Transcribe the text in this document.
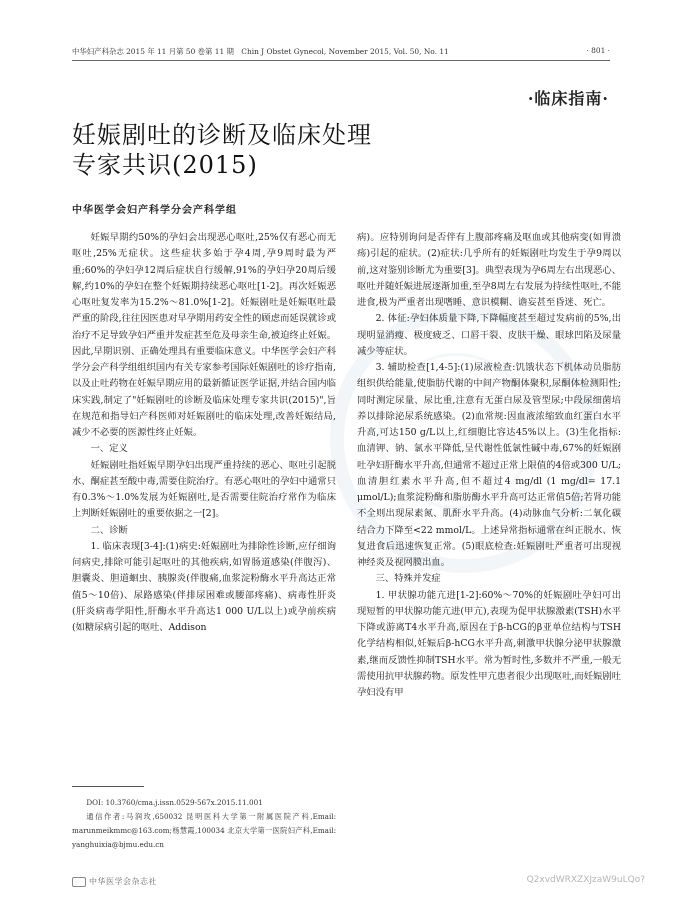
中华妇产科杂志 2015 年 11 月第 50 卷第 11 期　Chin J Obstet Gynecol, November 2015, Vol. 50, No. 11	· 801 ·
·临床指南·
妊娠剧吐的诊断及临床处理
专家共识(2015)
中华医学会妇产科学分会产科学组

妊娠早期约50%的孕妇会出现恶心呕吐,25%仅有恶心而无呕吐,25%无症状。这些症状多始于孕4周,孕9周时最为严重;60%的孕妇孕12周后症状自行缓解,91%的孕妇孕20周后缓解,约10%的孕妇在整个妊娠期持续恶心呕吐[1-2]。再次妊娠恶心呕吐复发率为15.2%～81.0%[1-2]。妊娠剧吐是妊娠呕吐最严重的阶段,往往因医患对早孕期用药安全性的顾虑而延误就诊或治疗不足导致孕妇严重并发症甚至危及母亲生命,被迫终止妊娠。因此,早期识别、正确处理具有重要临床意义。中华医学会妇产科学分会产科学组组织国内有关专家参考国际妊娠剧吐的诊疗指南,以及止吐药物在妊娠早期应用的最新循证医学证据,并结合国内临床实践,制定了"妊娠剧吐的诊断及临床处理专家共识(2015)",旨在规范和指导妇产科医师对妊娠剧吐的临床处理,改善妊娠结局,减少不必要的医源性终止妊娠。

一、定义

妊娠剧吐指妊娠早期孕妇出现严重持续的恶心、呕吐引起脱水、酮症甚至酸中毒,需要住院治疗。有恶心呕吐的孕妇中通常只有0.3%～1.0%发展为妊娠剧吐,是否需要住院治疗常作为临床上判断妊娠剧吐的重要依据之一[2]。

二、诊断

1. 临床表现[3-4]:(1)病史:妊娠剧吐为排除性诊断,应仔细询问病史,排除可能引起呕吐的其他疾病,如胃肠道感染(伴腹泻)、胆囊炎、胆道蛔虫、胰腺炎(伴腹痛,血浆淀粉酶水平升高达正常值5～10倍)、尿路感染(伴排尿困难或腰部疼痛)、病毒性肝炎(肝炎病毒学阳性,肝酶水平升高达1 000 U/L以上)或孕前疾病(如糖尿病引起的呕吐、Addison

病)。应特别询问是否伴有上腹部疼痛及呕血或其他病变(如胃溃疡)引起的症状。(2)症状:几乎所有的妊娠剧吐均发生于孕9周以前,这对鉴别诊断尤为重要[3]。典型表现为孕6周左右出现恶心、呕吐并随妊娠进展逐渐加重,至孕8周左右发展为持续性呕吐,不能进食,极为严重者出现嗜睡、意识模糊、谵妄甚至昏迷、死亡。

2. 体征:孕妇体质量下降,下降幅度甚至超过发病前的5%,出现明显消瘦、极度疲乏、口唇干裂、皮肤干燥、眼球凹陷及尿量减少等症状。

3. 辅助检查[1,4-5]:(1)尿液检查:饥饿状态下机体动员脂肪组织供给能量,使脂肪代谢的中间产物酮体聚积,尿酮体检测阳性;同时测定尿量、尿比重,注意有无蛋白尿及管型尿;中段尿细菌培养以排除泌尿系统感染。(2)血常规:因血液浓缩致血红蛋白水平升高,可达150 g/L以上,红细胞比容达45%以上。(3)生化指标:血清钾、钠、氯水平降低,呈代谢性低氯性碱中毒,67%的妊娠剧吐孕妇肝酶水平升高,但通常不超过正常上限值的4倍或300 U/L;血清胆红素水平升高,但不超过4 mg/dl (1 mg/dl= 17.1 μmol/L);血浆淀粉酶和脂肪酶水平升高可达正常值5倍;若肾功能不全则出现尿素氮、肌酐水平升高。(4)动脉血气分析:二氧化碳结合力下降至<22 mmol/L。上述异常指标通常在纠正脱水、恢复进食后迅速恢复正常。(5)眼底检查:妊娠剧吐严重者可出现视神经炎及视网膜出血。

三、特殊并发症

1. 甲状腺功能亢进[1-2]:60%～70%的妊娠剧吐孕妇可出现短暂的甲状腺功能亢进(甲亢),表现为促甲状腺激素(TSH)水平下降或游离T4水平升高,原因在于β-hCG的β亚单位结构与TSH化学结构相似,妊娠后β-hCG水平升高,刺激甲状腺分泌甲状腺激素,继而反馈性抑制TSH水平。常为暂时性,多数并不严重,一般无需使用抗甲状腺药物。原发性甲亢患者很少出现呕吐,而妊娠剧吐孕妇没有甲

DOI: 10.3760/cma.j.issn.0529-567x.2015.11.001

通信作者:马润玫,650032 昆明医科大学第一附属医院产科,Email: marunmeikmmc@163.com;杨慧霞,100034 北京大学第一医院妇产科,Email: yanghuixia@bjmu.edu.cn

中华医学会杂志社	Q2xvdWRXZXJzaW9uLQo?
